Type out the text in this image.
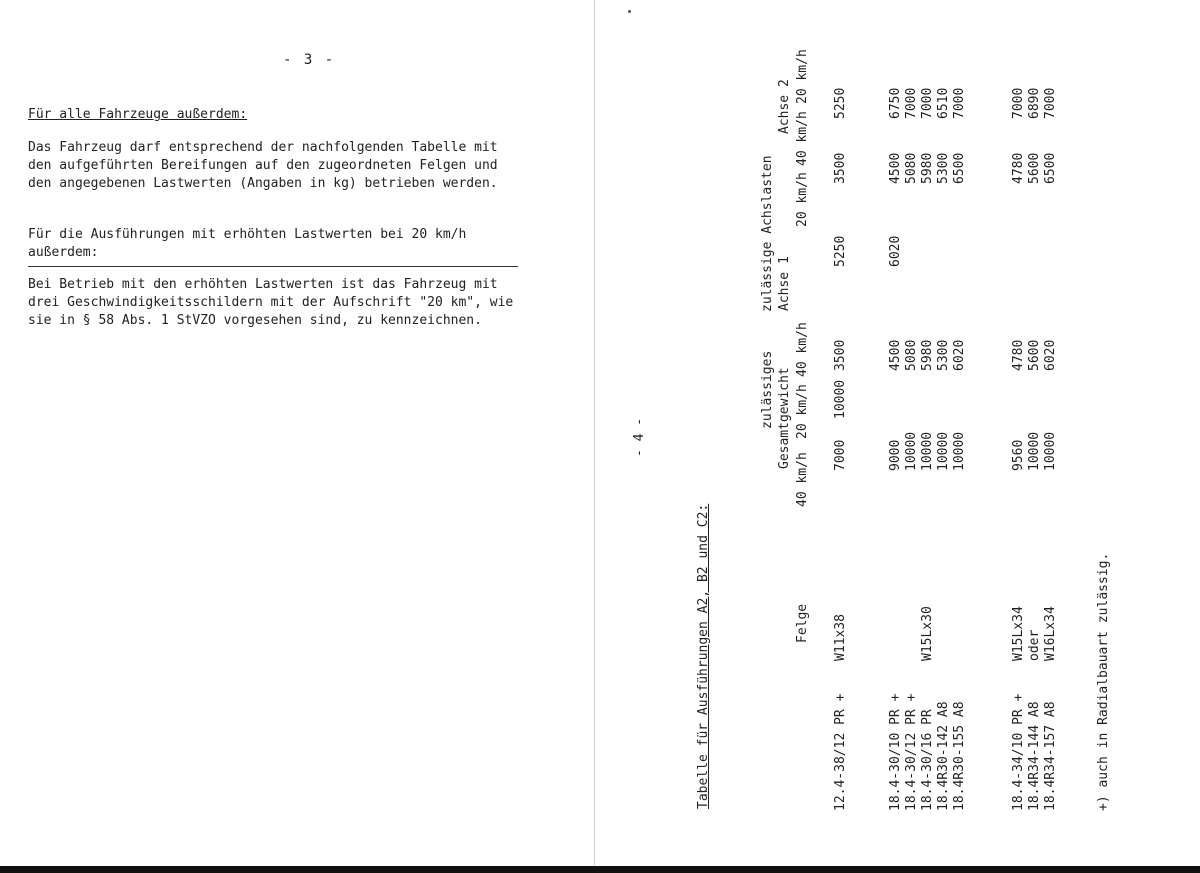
- 3 -
Für alle Fahrzeuge außerdem:
Das Fahrzeug darf entsprechend der nachfolgenden Tabelle mit
den aufgeführten Bereifungen auf den zugeordneten Felgen und
den angegebenen Lastwerten (Angaben in kg) betrieben werden.
Für die Ausführungen mit erhöhten Lastwerten bei 20 km/h
außerdem:
Bei Betrieb mit den erhöhten Lastwerten ist das Fahrzeug mit
drei Geschwindigkeitsschildern mit der Aufschrift "20 km", wie
sie in § 58 Abs. 1 StVZO vorgesehen sind, zu kennzeichnen.
- 4 -
Tabelle für Ausführungen A2, B2 und C2:
zulässiges Gesamtgewicht
40 km/h
20 km/h
Felge
zulässige Achslasten Achse 1
20 km/h
40 km/h
Achse 2
40 km/h
20 km/h
12.4-38/12 PR +
W11x38
7000
10000
3500
5250
3500
5250
18.4-30/10 PR +
9000
4500
6020
4500
6750
18.4-30/12 PR +
10000
5080
5080
7000
18.4-30/16 PR
10000
5980
5980
7000
18.4R30-142 A8
10000
5300
5300
6510
18.4R30-155 A8
10000
6020
6500
7000
W15Lx30
18.4-34/10 PR +
W15Lx34
9560
4780
4780
7000
18.4R34-144 A8
oder
10000
5600
5600
6890
18.4R34-157 A8
W16Lx34
10000
6020
6500
7000
+) auch in Radialbauart zulässig.
